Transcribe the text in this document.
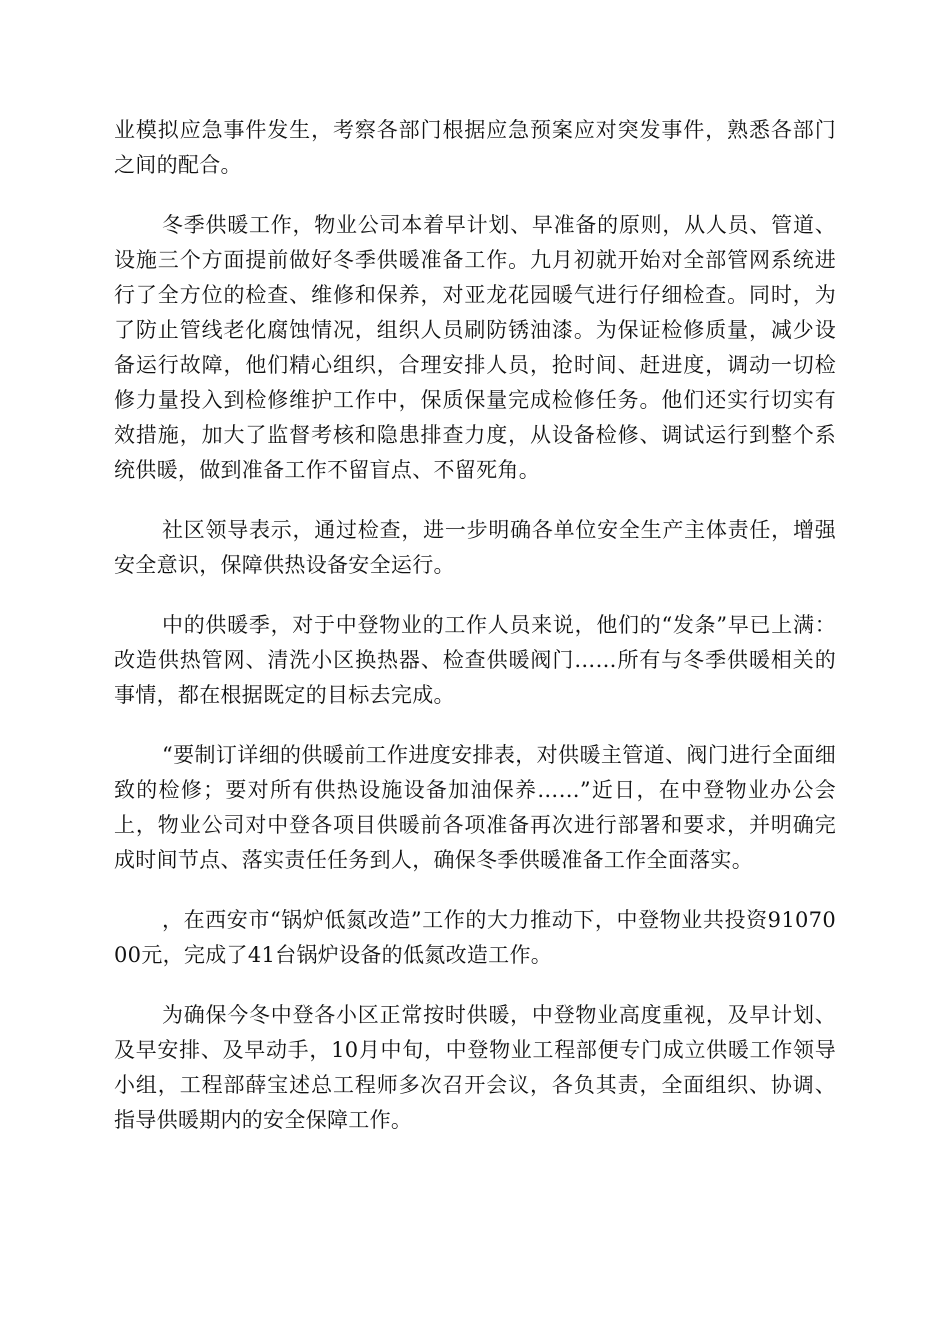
业模拟应急事件发生，考察各部门根据应急预案应对突发事件，熟悉各部门之间的配合。

冬季供暖工作，物业公司本着早计划、早准备的原则，从人员、管道、设施三个方面提前做好冬季供暖准备工作。九月初就开始对全部管网系统进行了全方位的检查、维修和保养，对亚龙花园暖气进行仔细检查。同时，为了防止管线老化腐蚀情况，组织人员刷防锈油漆。为保证检修质量，减少设备运行故障，他们精心组织，合理安排人员，抢时间、赶进度，调动一切检修力量投入到检修维护工作中，保质保量完成检修任务。他们还实行切实有效措施，加大了监督考核和隐患排查力度，从设备检修、调试运行到整个系统供暖，做到准备工作不留盲点、不留死角。

社区领导表示，通过检查，进一步明确各单位安全生产主体责任，增强安全意识，保障供热设备安全运行。

中的供暖季，对于中登物业的工作人员来说，他们的“发条”早已上满：改造供热管网、清洗小区换热器、检查供暖阀门……所有与冬季供暖相关的事情，都在根据既定的目标去完成。

“要制订详细的供暖前工作进度安排表，对供暖主管道、阀门进行全面细致的检修；要对所有供热设施设备加油保养……”近日，在中登物业办公会上，物业公司对中登各项目供暖前各项准备再次进行部署和要求，并明确完成时间节点、落实责任任务到人，确保冬季供暖准备工作全面落实。

，在西安市“锅炉低氮改造”工作的大力推动下，中登物业共投资9107000元，完成了41台锅炉设备的低氮改造工作。

为确保今冬中登各小区正常按时供暖，中登物业高度重视，及早计划、及早安排、及早动手，10月中旬，中登物业工程部便专门成立供暖工作领导小组，工程部薛宝述总工程师多次召开会议，各负其责，全面组织、协调、指导供暖期内的安全保障工作。
